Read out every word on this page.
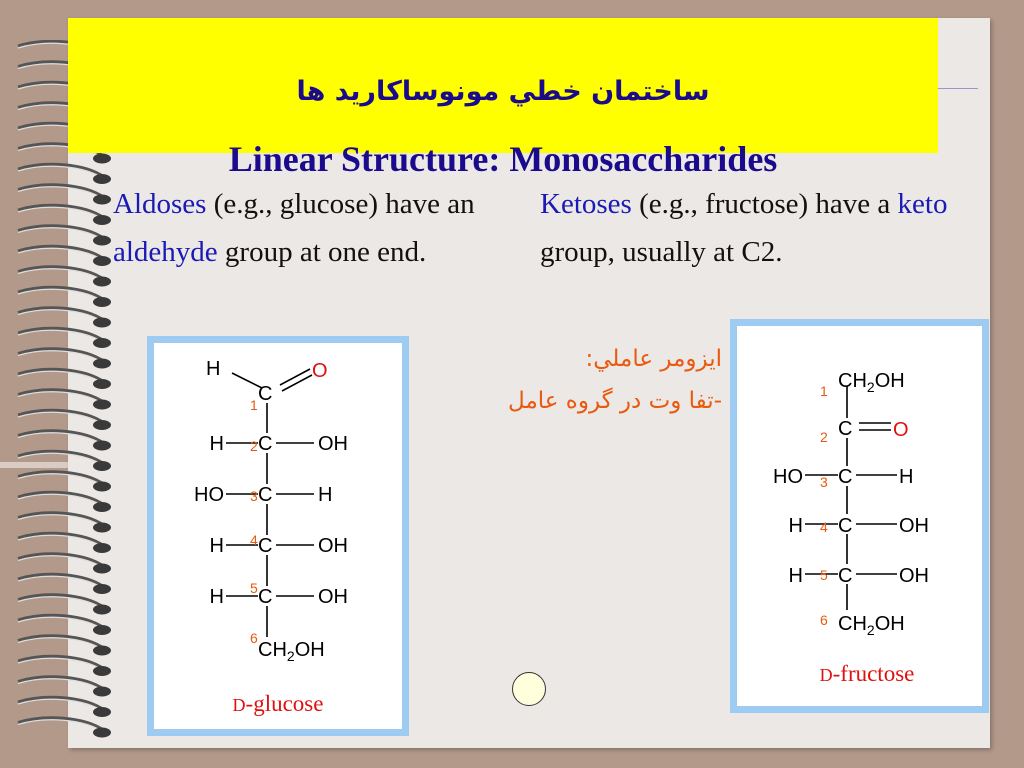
ساختمان خطي مونوساكاريد ها
Linear Structure: Monosaccharides
Aldoses (e.g., glucose) have an aldehyde group at one end.
Ketoses (e.g., fructose) have a keto group, usually at C2.
ايزومر عاملي:
-تفا وت در گروه عامل
H	O
C
C
C
C
C
H
HO
H
H
OH
H
OH
OH
$CH_2OH$
1
2
3
4
5
6
D-glucose
$CH_2OH$
C O
C
C
C
HO
H
H
H
OH
OH
$CH_2OH$
1
2
3
4
5
6
D-fructose
